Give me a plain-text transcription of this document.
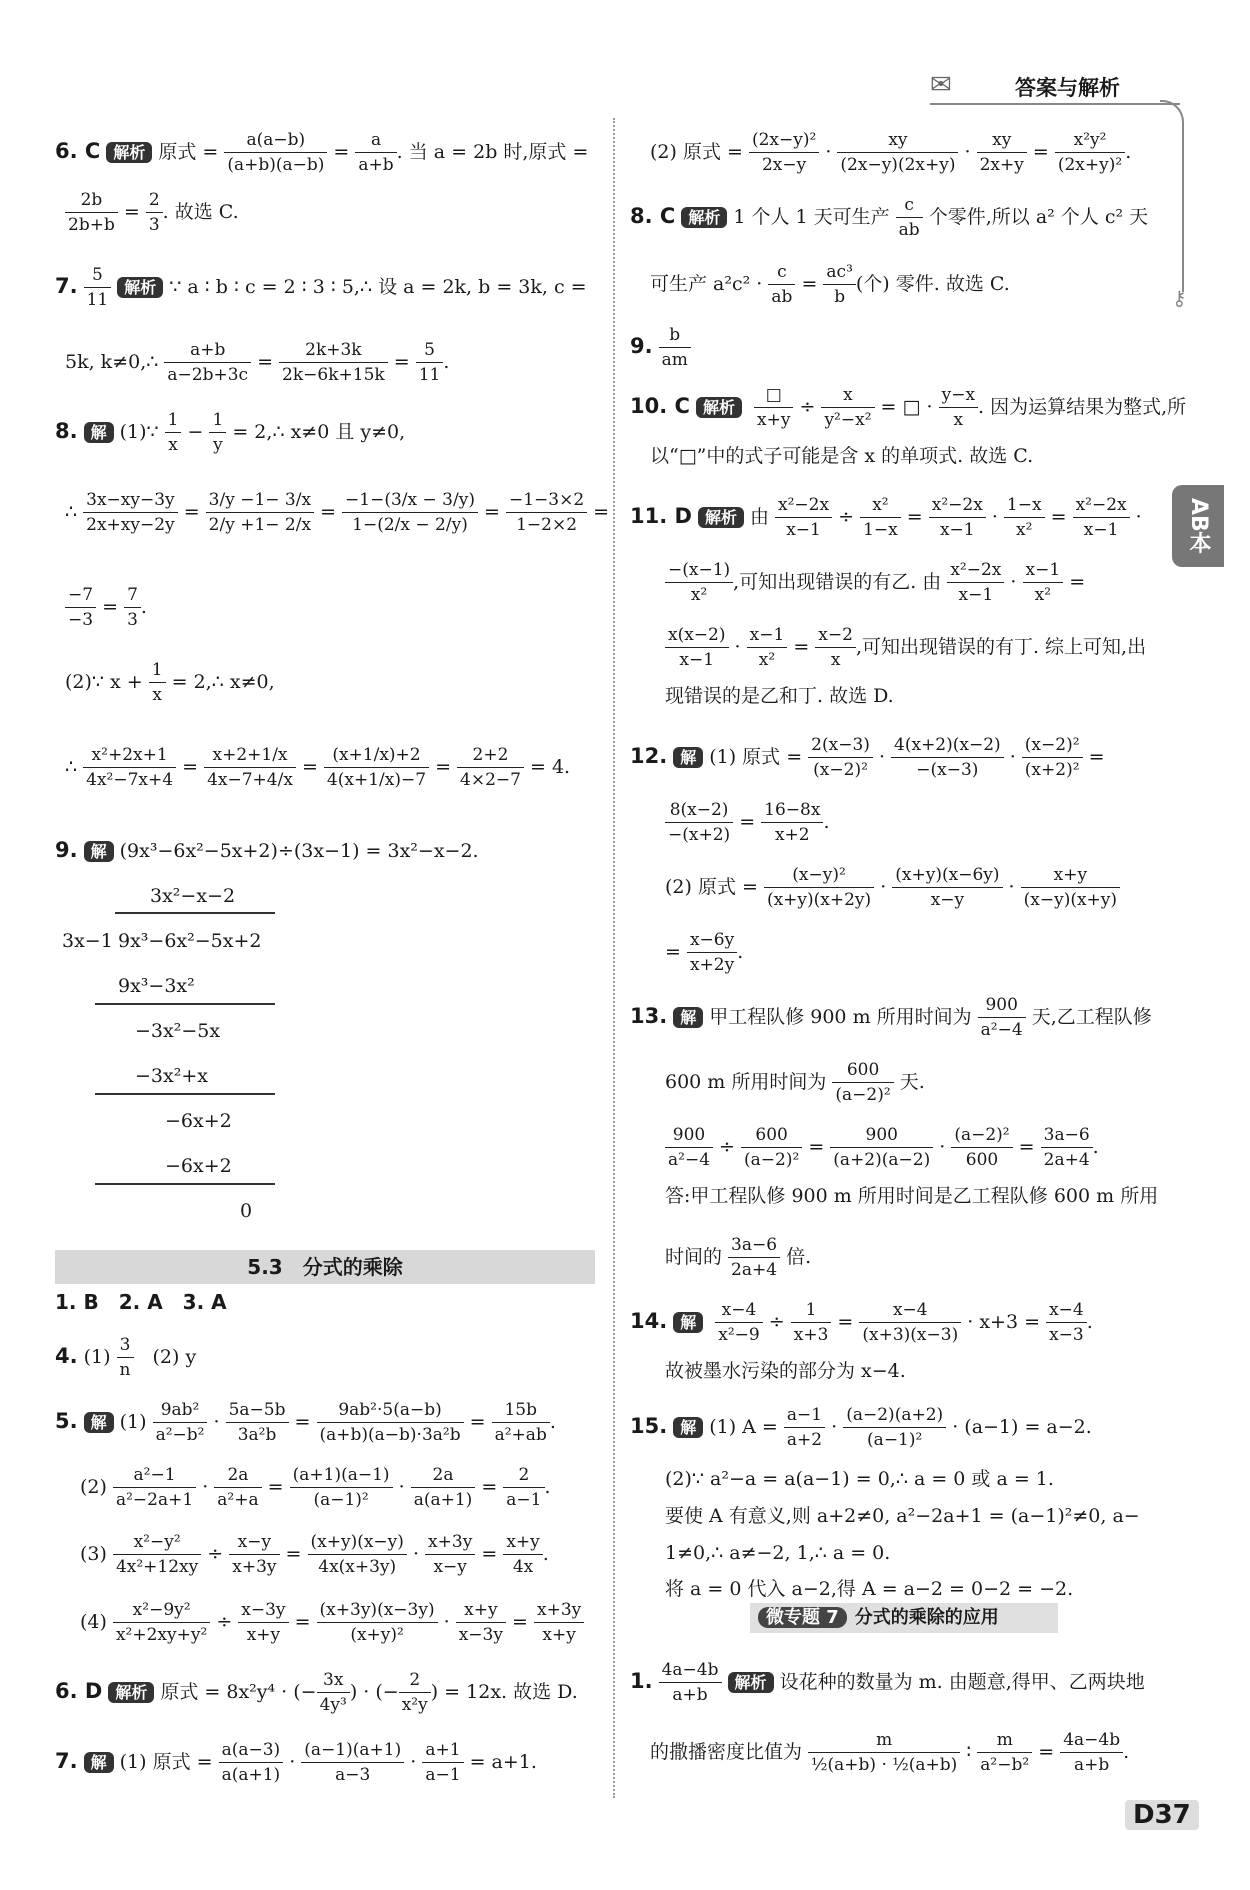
✉	答案与解析
⚷
AB本
6. C 解析 原式 = $\frac{a(a-b)}{(a+b)(a-b)} = \frac{a}{a+b}$ . 当 a = 2b 时,原式 =
$\frac{2b}{2b+b} = \frac{2}{3}$ . 故选 C.
7. $\frac{5}{11}$ 解析 ∵ a ∶ b ∶ c = 2 ∶ 3 ∶ 5,∴ 设 a = 2k, b = 3k, c =
5k, k≠0,∴ $\frac{a+b}{a-2b+3c} = \frac{2k+3k}{2k-6k+15k} = \frac{5}{11}$ .
8. 解 (1)∵ $\frac{1}{x} - \frac{1}{y}$ = 2,∴ x≠0 且 y≠0,
∴ $\frac{3x-xy-3y}{2x+xy-2y} = \frac{3/y -1- 3/x}{2/y +1- 2/x} = \frac{-1-(3/x - 3/y)}{1-(2/x - 2/y)} = \frac{-1-3\times 2}{1-2\times 2}$ =
$\frac{-7}{-3} = \frac{7}{3}$ .
(2)∵ $x + \frac{1}{x}$ = 2,∴ x≠0,
∴ $\frac{\text{x²+2x+1}}{\text{4x²−7x+4}} = \frac{x+2+1/x}{4x-7+4/x} = \frac{(x+1/x)+2}{4(x+1/x)-7} = \frac{2+2}{4\times 2-7} = 4$.
9. 解 (9x³−6x²−5x+2)÷(3x−1) = 3x²−x−2.
3x²−x−2
3x−1 9x³−6x²−5x+2
9x³−3x²
−3x²−5x
−3x²+x
−6x+2
−6x+2
0
5.3　分式的乘除
1. B　2. A　3. A
4. $(1) \frac{3}{n}$ 　(2) y
5. 解 $(1) \frac{\text{9ab²}}{\text{a²−b²}} \cdot \frac{5a-5b}{\text{3a²b}} = \frac{\text{9ab²·5(a−b)}}{\text{(a+b)(a−b)·3a²b}} = \frac{15b}{\text{a²+ab}}$ .
$(2) \frac{\text{a²−1}}{\text{a²−2a+1}} \cdot \frac{2a}{\text{a²+a}} = \frac{(a+1)(a-1)}{\text{(a−1)²}} \cdot \frac{2a}{a(a+1)} = \frac{2}{a-1}$ .
$(3) \frac{\text{x²−y²}}{\text{4x²+12xy}} \div \frac{x-y}{x+3y} = \frac{(x+y)(x-y)}{4x(x+3y)} \cdot \frac{x+3y}{x-y} = \frac{x+y}{4x}$ .
$(4) \frac{\text{x²−9y²}}{\text{x²+2xy+y²}} \div \frac{x-3y}{x+y} = \frac{(x+3y)(x-3y)}{\text{(x+y)²}} \cdot \frac{x+y}{x-3y} = \frac{x+3y}{x+y}$
6. D 解析 原式 = 8x²y⁴ · (− $\frac{3x}{\text{4y³}}$ ) · (− $\frac{2}{\text{x²y}}$ ) = 12x. 故选 D.
7. 解 (1) 原式 = $\frac{a(a-3)}{a(a+1)} \cdot \frac{(a-1)(a+1)}{a-3} \cdot \frac{a+1}{a-1} = a+1$.
(2) 原式 = $\frac{\text{(2x−y)²}}{2x-y} \cdot \frac{xy}{(2x-y)(2x+y)} \cdot \frac{xy}{2x+y} = \frac{\text{x²y²}}{\text{(2x+y)²}}$ .
8. C 解析 1 个人 1 天可生产 $\frac{c}{ab}$ 个零件,所以 a² 个人 c² 天
可生产 $a^2c^2 \cdot \frac{c}{ab} = \frac{\text{ac³}}{b}$ (个) 零件. 故选 C.
9. $\frac{b}{am}$
10. C 解析
□
x+y
÷ $\frac{x}{\text{y²−x²}}$ = □ · $\frac{y-x}{x}$ . 因为运算结果为整式,所
以“□”中的式子可能是含 x 的单项式. 故选 C.
11. D 解析 由 $\frac{\text{x²−2x}}{x-1} \div \frac{\text{x²}}{1-x} = \frac{\text{x²−2x}}{x-1} \cdot \frac{1-x}{\text{x²}} = \frac{\text{x²−2x}}{x-1}$ ·
$\frac{-(x-1)}{\text{x²}}$ ,可知出现错误的有乙. 由 $\frac{\text{x²−2x}}{x-1} \cdot \frac{x-1}{\text{x²}}$ =
$\frac{x(x-2)}{x-1} \cdot \frac{x-1}{\text{x²}} = \frac{x-2}{x}$ ,可知出现错误的有丁. 综上可知,出
现错误的是乙和丁. 故选 D.
12. 解 (1) 原式 = $\frac{2(x-3)}{\text{(x−2)²}} \cdot \frac{4(x+2)(x-2)}{-(x-3)} \cdot \frac{\text{(x−2)²}}{\text{(x+2)²}}$ =
$\frac{8(x-2)}{-(x+2)} = \frac{16-8x}{x+2}$ .
(2) 原式 = $\frac{\text{(x−y)²}}{(x+y)(x+2y)} \cdot \frac{(x+y)(x-6y)}{x-y} \cdot \frac{x+y}{(x-y)(x+y)}$
= $\frac{x-6y}{x+2y}$ .
13. 解 甲工程队修 900 m 所用时间为 $\frac{900}{\text{a²−4}}$ 天,乙工程队修
600 m 所用时间为 $\frac{600}{\text{(a−2)²}}$ 天.
$\frac{900}{\text{a²−4}} \div \frac{600}{\text{(a−2)²}} = \frac{900}{(a+2)(a-2)} \cdot \frac{\text{(a−2)²}}{600} = \frac{3a-6}{2a+4}$ .
答:甲工程队修 900 m 所用时间是乙工程队修 600 m 所用
时间的 $\frac{3a-6}{2a+4}$ 倍.
14. 解 $\frac{x-4}{\text{x²−9}} \div \frac{1}{x+3} = \frac{x-4}{(x+3)(x-3)} \cdot x+3 = \frac{x-4}{x-3}$ .
故被墨水污染的部分为 x−4.
15. 解 (1) $A = \frac{a-1}{a+2} \cdot \frac{(a-2)(a+2)}{\text{(a−1)²}} \cdot (a-1) = a-2$.
(2)∵ a²−a = a(a−1) = 0,∴ a = 0 或 a = 1.
要使 A 有意义,则 a+2≠0, a²−2a+1 = (a−1)²≠0, a−
1≠0,∴ a≠−2, 1,∴ a = 0.
将 a = 0 代入 a−2,得 A = a−2 = 0−2 = −2.
微专题 7 分式的乘除的应用
1. $\frac{4a-4b}{a+b}$ 解析 设花种的数量为 m. 由题意,得甲、乙两块地
的撒播密度比值为 $\frac{m}{\text{½(a+b) · ½(a+b)}}$ ∶ $\frac{m}{\text{a²−b²}} = \frac{4a-4b}{a+b}$ .
D37
